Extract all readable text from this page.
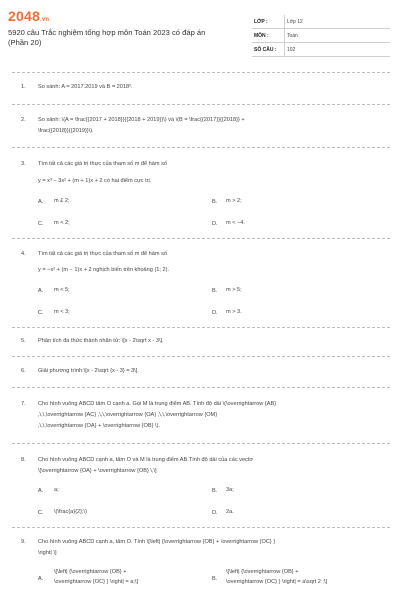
2048.vn
5920 câu Trắc nghiệm tổng hợp môn Toán 2023 có đáp án
(Phần 20)
LỚP :	Lớp 12
MÔN :	Toán
SỐ CÂU :	102
1. So sánh: A = 2017.2019 và B = 2018².
2. So sánh: \(A = \frac{{2017 + 2018}}{{2018 + 2019}}\) và \(B = \frac{{2017}}{{2018}} +
\frac{{2018}}{{2019}}\).
3. Tìm tất cả các giá trị thực của tham số m để hàm số
y = x³ − 3x² + (m + 1)x + 2 có hai điểm cực trị.
A. m £ 2;	B. m > 2;
C. m < 2;	D. m < −4.
4. Tìm tất cả các giá trị thực của tham số m để hàm số
y = −x² + (m − 1)x + 2 nghịch biến trên khoảng (1; 2).
A. m < 5;	B. m > 5;
C. m < 3;	D. m > 3.
5. Phân tích đa thức thành nhân tử: \[x - 2\sqrt x - 3\].
6. Giải phương trình:\[x - 2\sqrt {x - 3} = 3\].
7. Cho hình vuông ABCD tâm O cạnh a. Gọi M là trung điểm AB. Tính độ dài \(\overrightarrow {AB}
,\,\,\overrightarrow {AC} ,\,\,\overrightarrow {OA} ,\,\,\overrightarrow {OM}
,\,\,\overrightarrow {OA} + \overrightarrow {OB} \).
8. Cho hình vuông ABCD cạnh a, tâm O và M là trung điểm AB.Tính độ dài của các vectơ
\[\overrightarrow {OA} + \overrightarrow {OB} \,\]
A. a;	B. 3a;
C. \(\frac{a}{2};\)	D. 2a.
9. Cho hình vuông ABCD cạnh a, tâm O. Tính \[\left| {\overrightarrow {OB} + \overrightarrow {OC} }
\right| \]
A.
\[\left| {\overrightarrow {OB} +
\overrightarrow {OC} } \right| = a;\]	B.
\[\left| {\overrightarrow {OB} +
\overrightarrow {OC} } \right| = a\sqrt 2 ;\]
